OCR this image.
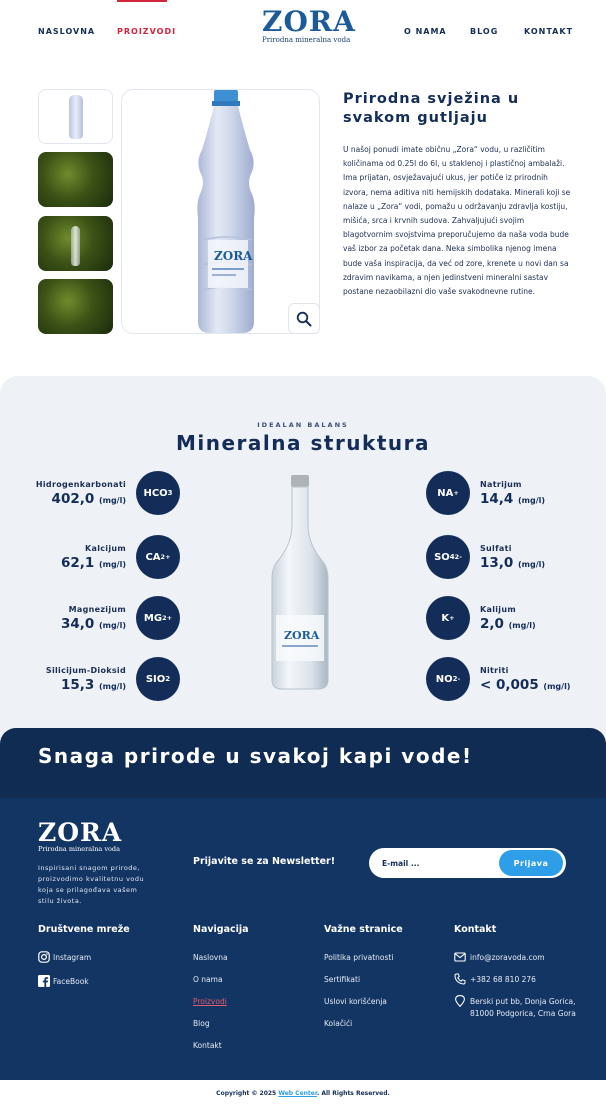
NASLOVNA	PROIZVODI	ZORA
Prirodna mineralna voda
O NAMA	BLOG	KONTAKT
ZORA
Prirodna svježina u svakom gutljaju
U našoj ponudi imate običnu „Zora“ vodu, u različitim količinama od 0.25l do 6l, u staklenoj i plastičnoj ambalaži. Ima prijatan, osvježavajući ukus, jer potiče iz prirodnih izvora, nema aditiva niti hemijskih dodataka. Minerali koji se nalaze u „Zora“ vodi, pomažu u održavanju zdravlja kostiju, mišića, srca i krvnih sudova. Zahvaljujući svojim blagotvornim svojstvima preporučujemo da naša voda bude vaš izbor za početak dana. Neka simbolika njenog imena bude vaša inspiracija, da već od zore, krenete u novi dan sa zdravim navikama, a njen jedinstveni mineralni sastav postane nezaobilazni dio vaše svakodnevne rutine.
IDEALAN BALANS
Mineralna struktura
Hidrogenkarbonati
402,0 (mg/l)
HCO 3
Kalcijum
62,1 (mg/l)
CA 2+
Magnezijum
34,0 (mg/l)
MG 2+
Silicijum-Dioksid
15,3 (mg/l)
SIO 2
Natrijum
14,4 (mg/l)
NA +
Sulfati
13,0 (mg/l)
SO 4 2-
Kalijum
2,0 (mg/l)
K +
Nitriti
< 0,005 (mg/l)
NO 2 -
ZORA
Snaga prirode u svakoj kapi vode!
ZORA
Prirodna mineralna voda
Inspirisani snagom prirode, proizvodimo kvalitetnu vodu koja se prilagođava vašem stilu života.
Prijavite se za Newsletter!
E-mail ...	Prijava
Društvene mreže
Instagram
FaceBook
Navigacija
Naslovna
O nama
Proizvodi
Blog
Kontakt
Važne stranice
Politika privatnosti
Sertifikati
Uslovi korišćenja
Kolačići
Kontakt
info@zoravoda.com
+382 68 810 276
Berski put bb, Donja Gorica, 81000 Podgorica, Crna Gora
Copyright © 2025 Web Center. All Rights Reserved.
